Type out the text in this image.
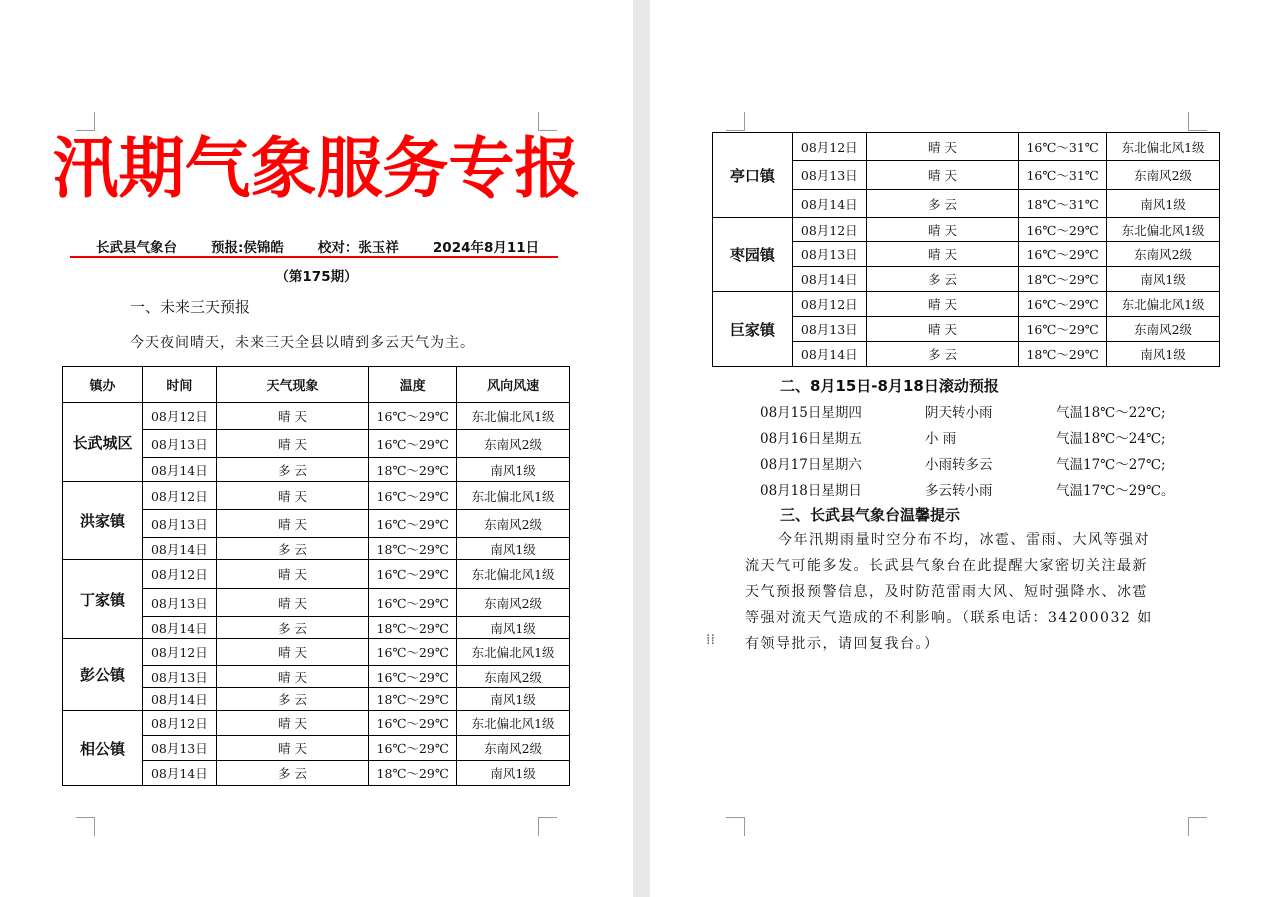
汛期气象服务专报
长武县气象台	预报:侯锦皓	校对：张玉祥	2024年8月11日
（第175期）
一、未来三天预报
今天夜间晴天，未来三天全县以晴到多云天气为主。
镇办	时间	天气现象	温度	风向风速
长武城区	08月12日	晴 天	16℃～29℃	东北偏北风1级
	08月13日	晴 天	16℃～29℃	东南风2级
	08月14日	多 云	18℃～29℃	南风1级
洪家镇	08月12日	晴 天	16℃～29℃	东北偏北风1级
	08月13日	晴 天	16℃～29℃	东南风2级
	08月14日	多 云	18℃～29℃	南风1级
丁家镇	08月12日	晴 天	16℃～29℃	东北偏北风1级
	08月13日	晴 天	16℃～29℃	东南风2级
	08月14日	多 云	18℃～29℃	南风1级
彭公镇	08月12日	晴 天	16℃～29℃	东北偏北风1级
	08月13日	晴 天	16℃～29℃	东南风2级
	08月14日	多 云	18℃～29℃	南风1级
相公镇	08月12日	晴 天	16℃～29℃	东北偏北风1级
	08月13日	晴 天	16℃～29℃	东南风2级
	08月14日	多 云	18℃～29℃	南风1级
亭口镇	08月12日	晴 天	16℃～31℃	东北偏北风1级
	08月13日	晴 天	16℃～31℃	东南风2级
	08月14日	多 云	18℃～31℃	南风1级
枣园镇	08月12日	晴 天	16℃～29℃	东北偏北风1级
	08月13日	晴 天	16℃～29℃	东南风2级
	08月14日	多 云	18℃～29℃	南风1级
巨家镇	08月12日	晴 天	16℃～29℃	东北偏北风1级
	08月13日	晴 天	16℃～29℃	东南风2级
	08月14日	多 云	18℃～29℃	南风1级
二、8月15日-8月18日滚动预报
08月15日星期四	阴天转小雨	气温18℃～22℃;
08月16日星期五	小 雨	气温18℃～24℃;
08月17日星期六	小雨转多云	气温17℃～27℃;
08月18日星期日	多云转小雨	气温17℃～29℃。
三、长武县气象台温馨提示
今年汛期雨量时空分布不均，冰雹、雷雨、大风等强对
流天气可能多发。长武县气象台在此提醒大家密切关注最新
天气预报预警信息，及时防范雷雨大风、短时强降水、冰雹
等强对流天气造成的不利影响。（联系电话：34200032 如
有领导批示，请回复我台。）
⁞⁞
